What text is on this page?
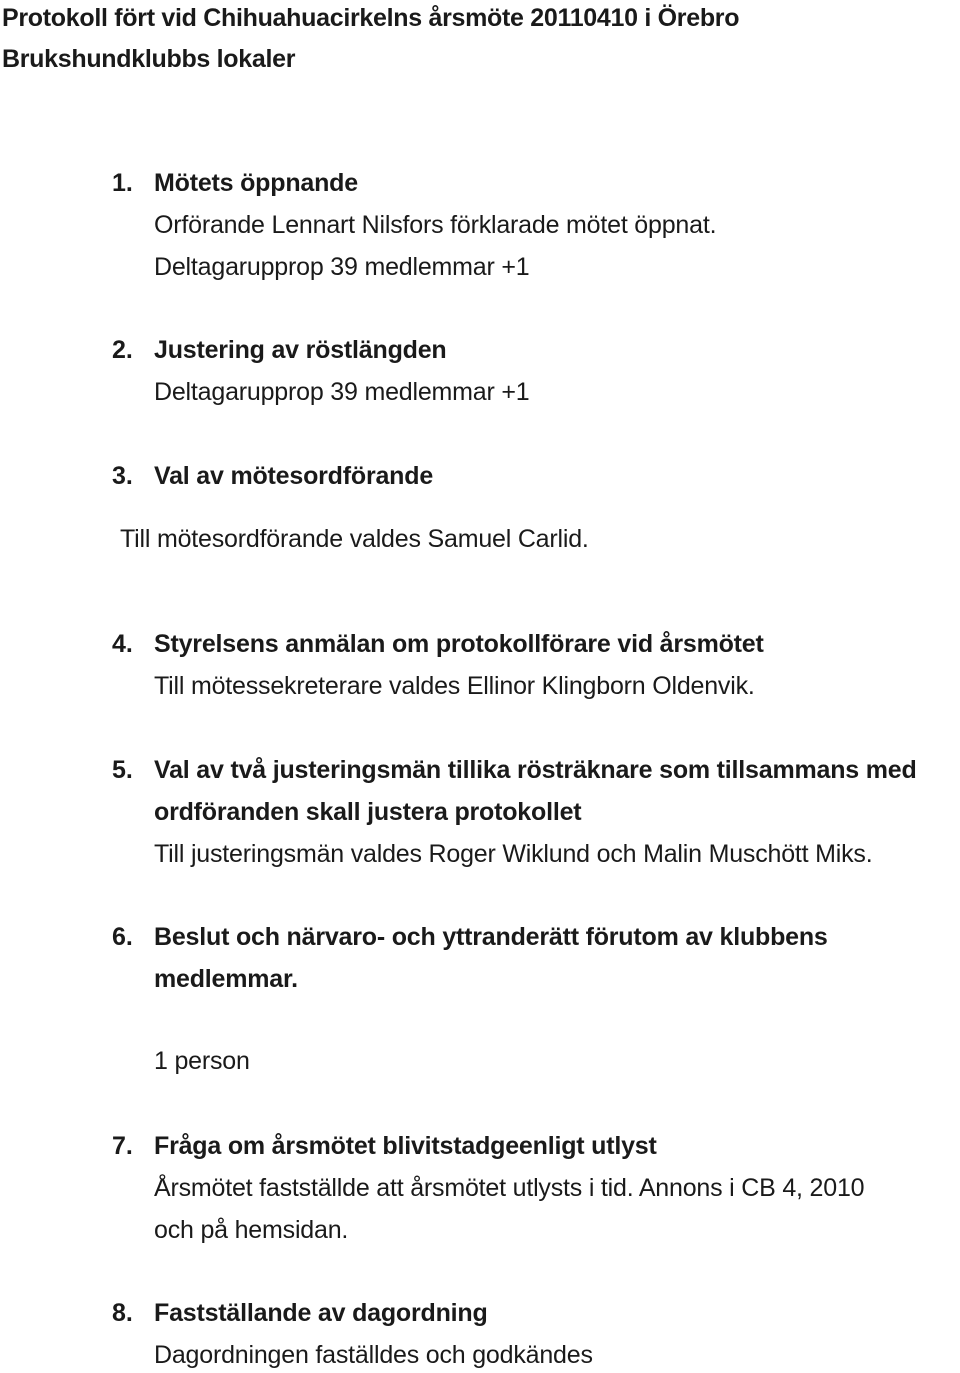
Protokoll fört vid Chihuahuacirkelns årsmöte 20110410 i Örebro Brukshundklubbs lokaler
1. Mötets öppnande

Orförande Lennart Nilsfors förklarade mötet öppnat.

Deltagarupprop 39 medlemmar +1

2. Justering av röstlängden

Deltagarupprop 39 medlemmar +1

3. Val av mötesordförande

Till mötesordförande valdes Samuel Carlid.

4. Styrelsens anmälan om protokollförare vid årsmötet

Till mötessekreterare valdes Ellinor Klingborn Oldenvik.

5. Val av två justeringsmän tillika rösträknare som tillsammans med

ordföranden skall justera protokollet

Till justeringsmän valdes Roger Wiklund och Malin Muschött Miks.

6. Beslut och närvaro- och yttranderätt förutom av klubbens

medlemmar.

1 person

7. Fråga om årsmötet blivitstadgeenligt utlyst

Årsmötet fastställde att årsmötet utlysts i tid. Annons i CB 4, 2010

och på hemsidan.

8. Fastställande av dagordning

Dagordningen faställdes och godkändes
